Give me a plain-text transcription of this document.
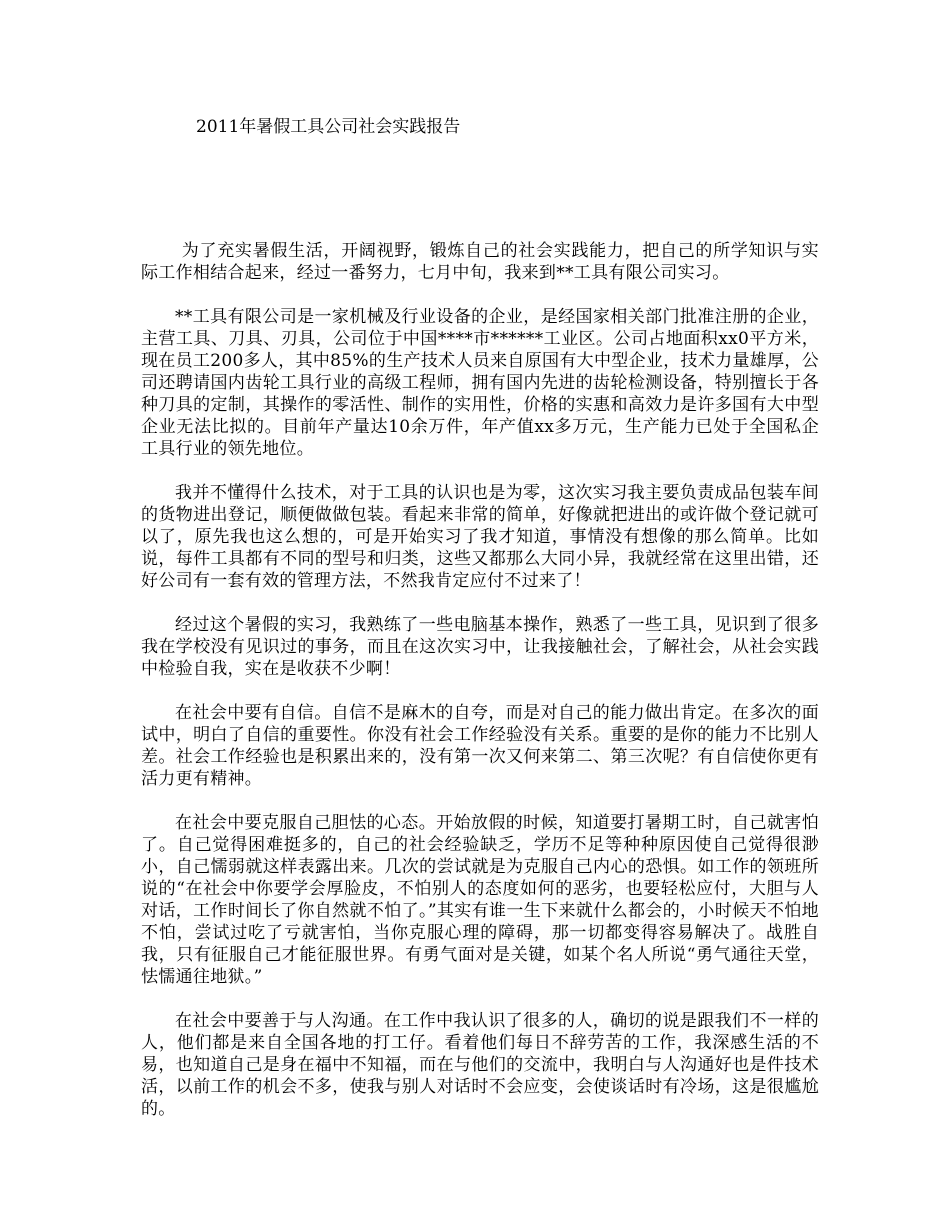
2011年暑假工具公司社会实践报告

为了充实暑假生活，开阔视野，锻炼自己的社会实践能力，把自己的所学知识与实际工作相结合起来，经过一番努力，七月中旬，我来到**工具有限公司实习。

**工具有限公司是一家机械及行业设备的企业，是经国家相关部门批准注册的企业，主营工具、刀具、刃具，公司位于中国****市******工业区。公司占地面积xx0平方米，现在员工200多人，其中85%的生产技术人员来自原国有大中型企业，技术力量雄厚，公司还聘请国内齿轮工具行业的高级工程师，拥有国内先进的齿轮检测设备，特别擅长于各种刀具的定制，其操作的零活性、制作的实用性，价格的实惠和高效力是许多国有大中型企业无法比拟的。目前年产量达10余万件，年产值xx多万元，生产能力已处于全国私企工具行业的领先地位。

我并不懂得什么技术，对于工具的认识也是为零，这次实习我主要负责成品包装车间的货物进出登记，顺便做做包装。看起来非常的简单，好像就把进出的或许做个登记就可以了，原先我也这么想的，可是开始实习了我才知道，事情没有想像的那么简单。比如说，每件工具都有不同的型号和归类，这些又都那么大同小异，我就经常在这里出错，还好公司有一套有效的管理方法，不然我肯定应付不过来了！

经过这个暑假的实习，我熟练了一些电脑基本操作，熟悉了一些工具，见识到了很多我在学校没有见识过的事务，而且在这次实习中，让我接触社会，了解社会，从社会实践中检验自我，实在是收获不少啊！

在社会中要有自信。自信不是麻木的自夸，而是对自己的能力做出肯定。在多次的面试中，明白了自信的重要性。你没有社会工作经验没有关系。重要的是你的能力不比别人差。社会工作经验也是积累出来的，没有第一次又何来第二、第三次呢？有自信使你更有活力更有精神。

在社会中要克服自己胆怯的心态。开始放假的时候，知道要打暑期工时，自己就害怕了。自己觉得困难挺多的，自己的社会经验缺乏，学历不足等种种原因使自己觉得很渺小，自己懦弱就这样表露出来。几次的尝试就是为克服自己内心的恐惧。如工作的领班所说的“在社会中你要学会厚脸皮，不怕别人的态度如何的恶劣，也要轻松应付，大胆与人对话，工作时间长了你自然就不怕了。”其实有谁一生下来就什么都会的，小时候天不怕地不怕，尝试过吃了亏就害怕，当你克服心理的障碍，那一切都变得容易解决了。战胜自我，只有征服自己才能征服世界。有勇气面对是关键，如某个名人所说“勇气通往天堂，怯懦通往地狱。”

在社会中要善于与人沟通。在工作中我认识了很多的人，确切的说是跟我们不一样的人，他们都是来自全国各地的打工仔。看着他们每日不辞劳苦的工作，我深感生活的不易，也知道自己是身在福中不知福，而在与他们的交流中，我明白与人沟通好也是件技术活，以前工作的机会不多，使我与别人对话时不会应变，会使谈话时有冷场，这是很尴尬的。
